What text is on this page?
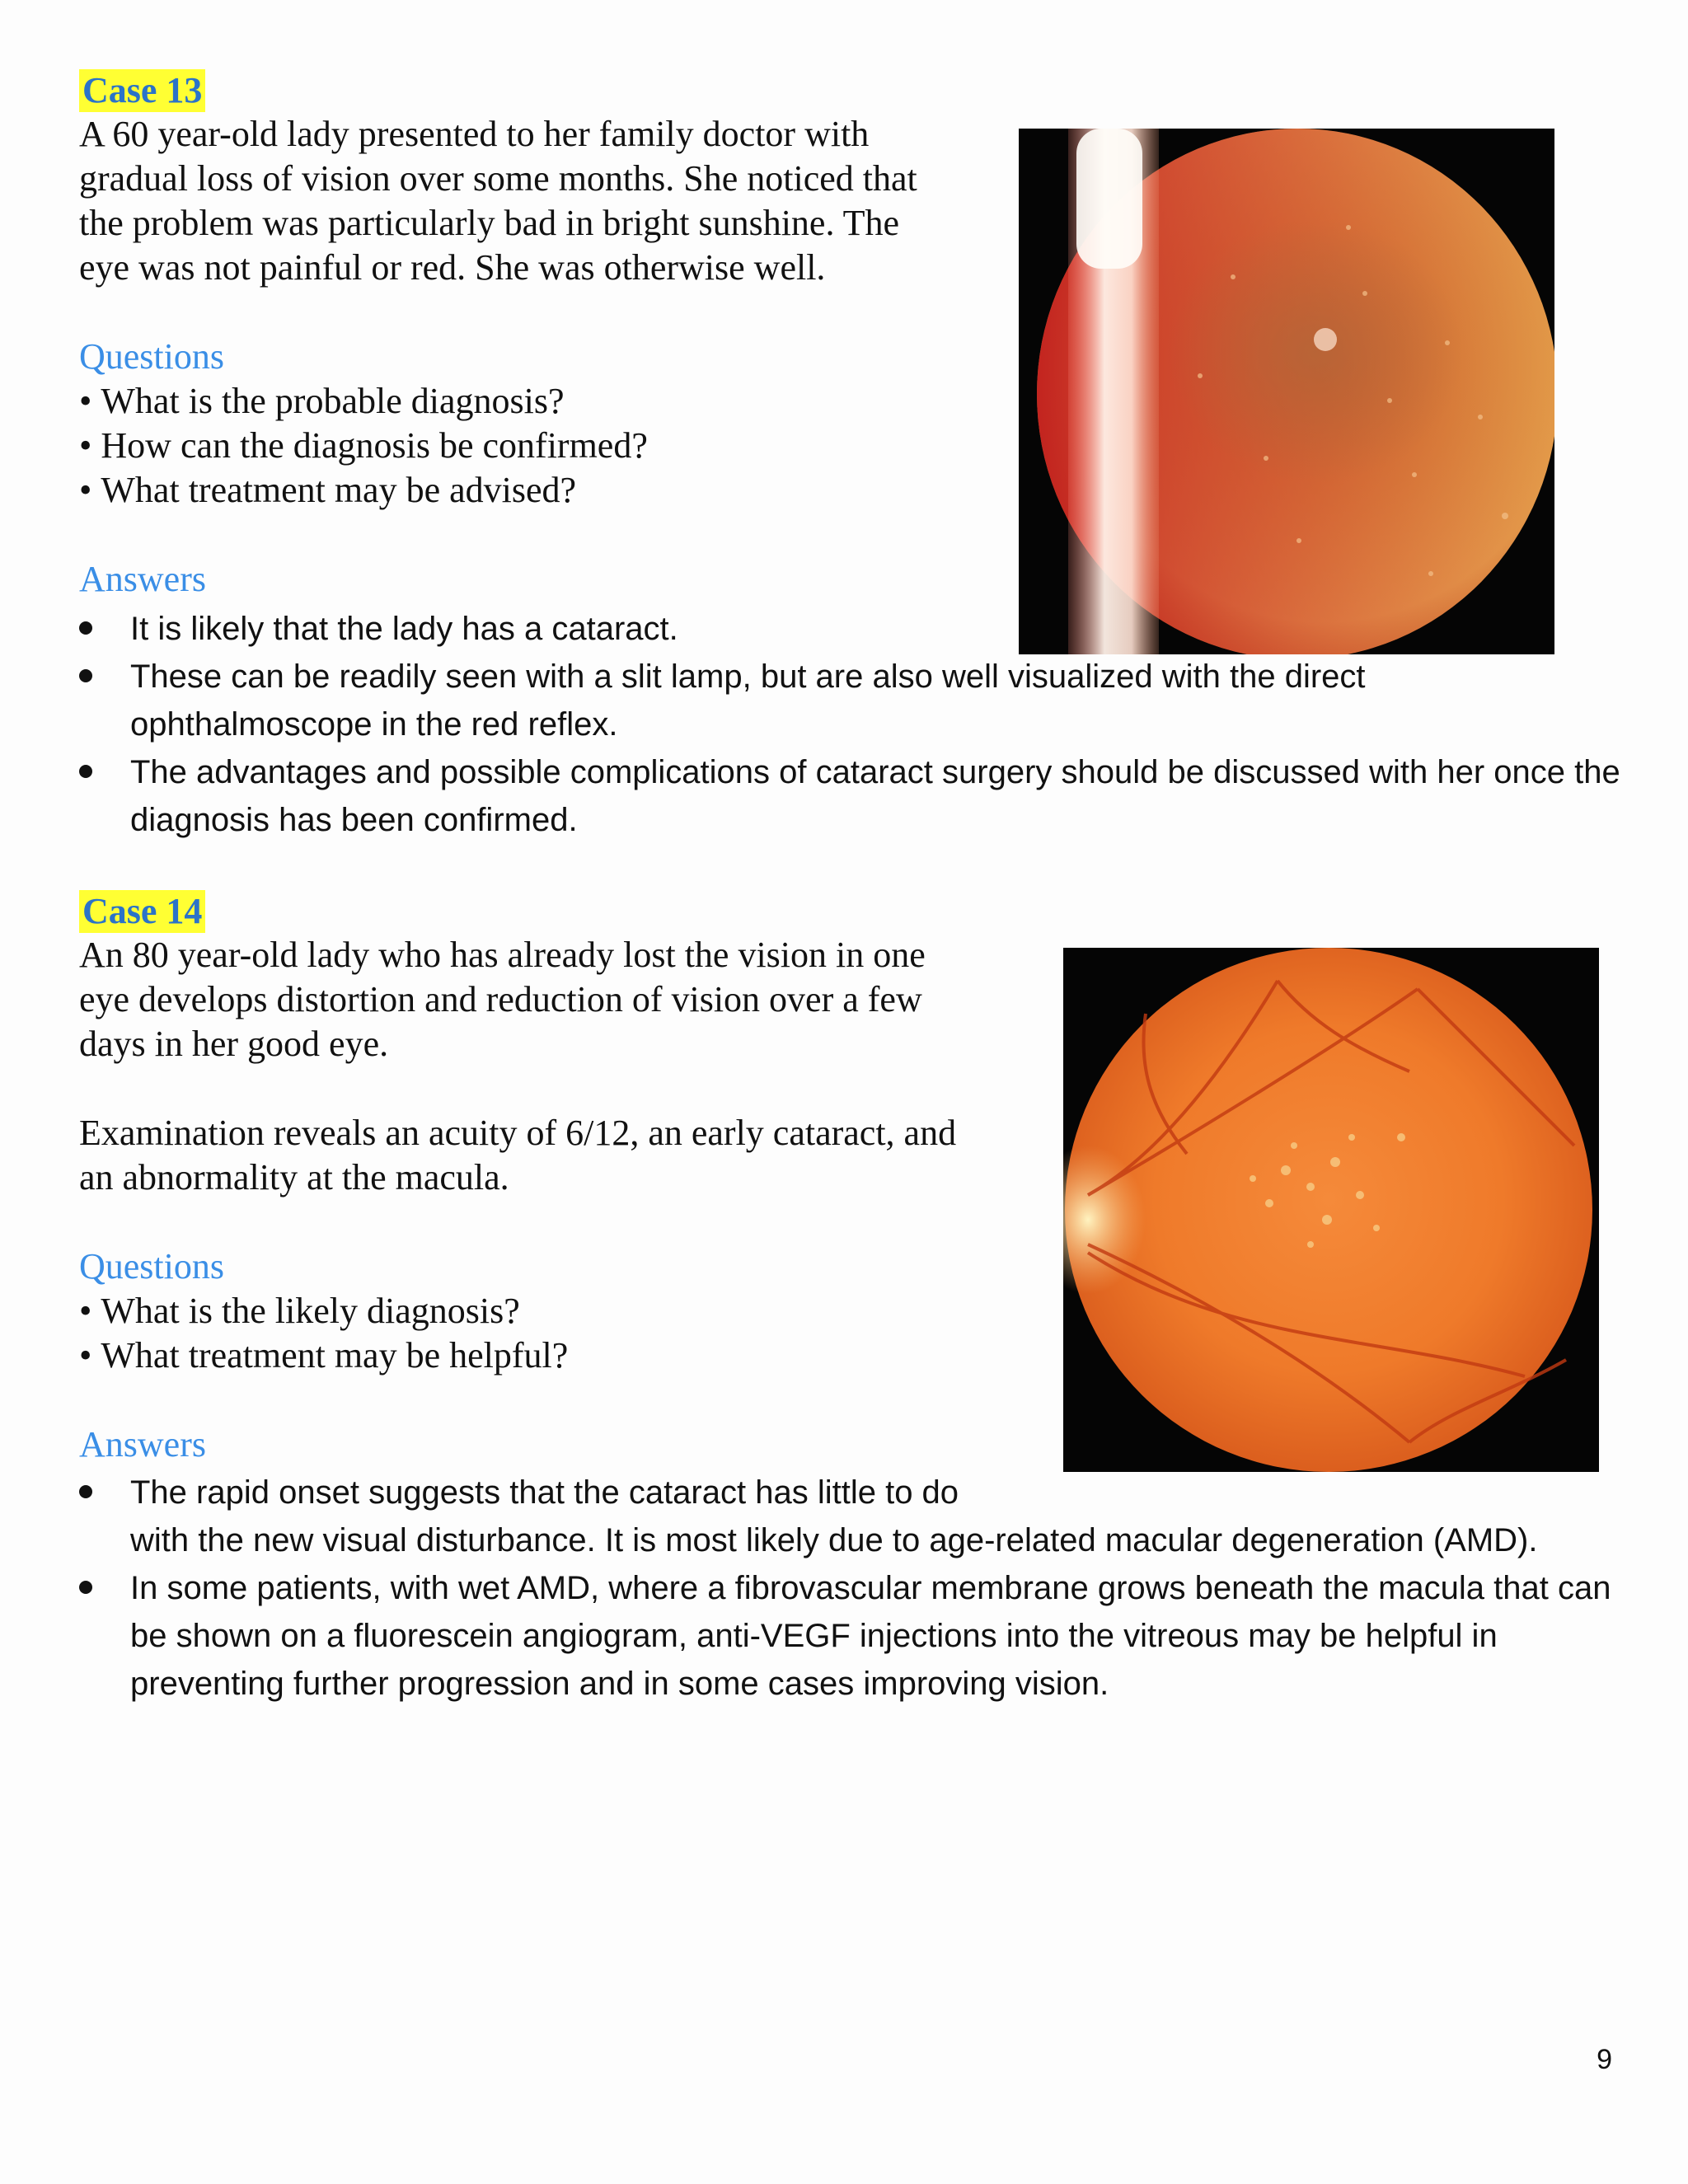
Case 13
A 60 year-old lady presented to her family doctor with
gradual loss of vision over some months. She noticed that
the problem was particularly bad in bright sunshine. The
eye was not painful or red. She was otherwise well.
Questions
• What is the probable diagnosis?
• How can the diagnosis be confirmed?
• What treatment may be advised?
Answers
It is likely that the lady has a cataract.
These can be readily seen with a slit lamp, but are also well visualized with the direct ophthalmoscope in the red reflex.
The advantages and possible complications of cataract surgery should be discussed with her once the diagnosis has been confirmed.
Case 14
An 80 year-old lady who has already lost the vision in one
eye develops distortion and reduction of vision over a few
days in her good eye.
Examination reveals an acuity of 6/12, an early cataract, and
an abnormality at the macula.
Questions
• What is the likely diagnosis?
• What treatment may be helpful?
Answers
The rapid onset suggests that the cataract has little to do
with the new visual disturbance. It is most likely due to age-related macular degeneration (AMD).
In some patients, with wet AMD, where a fibrovascular membrane grows beneath the macula that can be shown on a fluorescein angiogram, anti-VEGF injections into the vitreous may be helpful in preventing further progression and in some cases improving vision.
9
